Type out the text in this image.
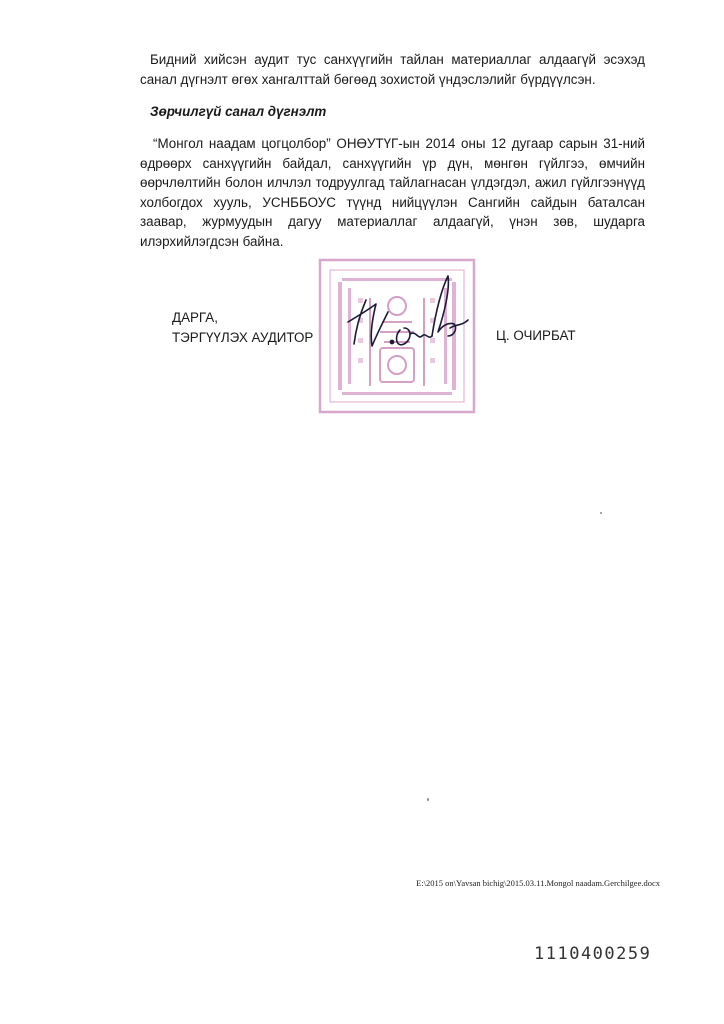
Бидний хийсэн аудит тус санхүүгийн тайлан материаллаг алдаагүй эсэхэд санал дүгнэлт өгөх хангалттай бөгөөд зохистой үндэслэлийг бүрдүүлсэн.

Зөрчилгүй санал дүгнэлт

“Монгол наадам цогцолбор” ОНӨУТҮГ-ын 2014 оны 12 дугаар сарын 31-ний өдрөөрх санхүүгийн байдал, санхүүгийн үр дүн, мөнгөн гүйлгээ, өмчийн өөрчлөлтийн болон илчлэл тодруулгад тайлагнасан үлдэгдэл, ажил гүйлгээнүүд холбогдох хууль, УСНББОУС түүнд нийцүүлэн Сангийн сайдын баталсан заавар, журмуудын дагуу материаллаг алдаагүй, үнэн зөв, шударга илэрхийлэгдсэн байна.

ДАРГА,
ТЭРГҮҮЛЭХ АУДИТОР	Ц. ОЧИРБАТ
E:\2015 on\Yavsan bichig\2015.03.11.Mongol naadam.Gerchilgee.docx
1110400259
